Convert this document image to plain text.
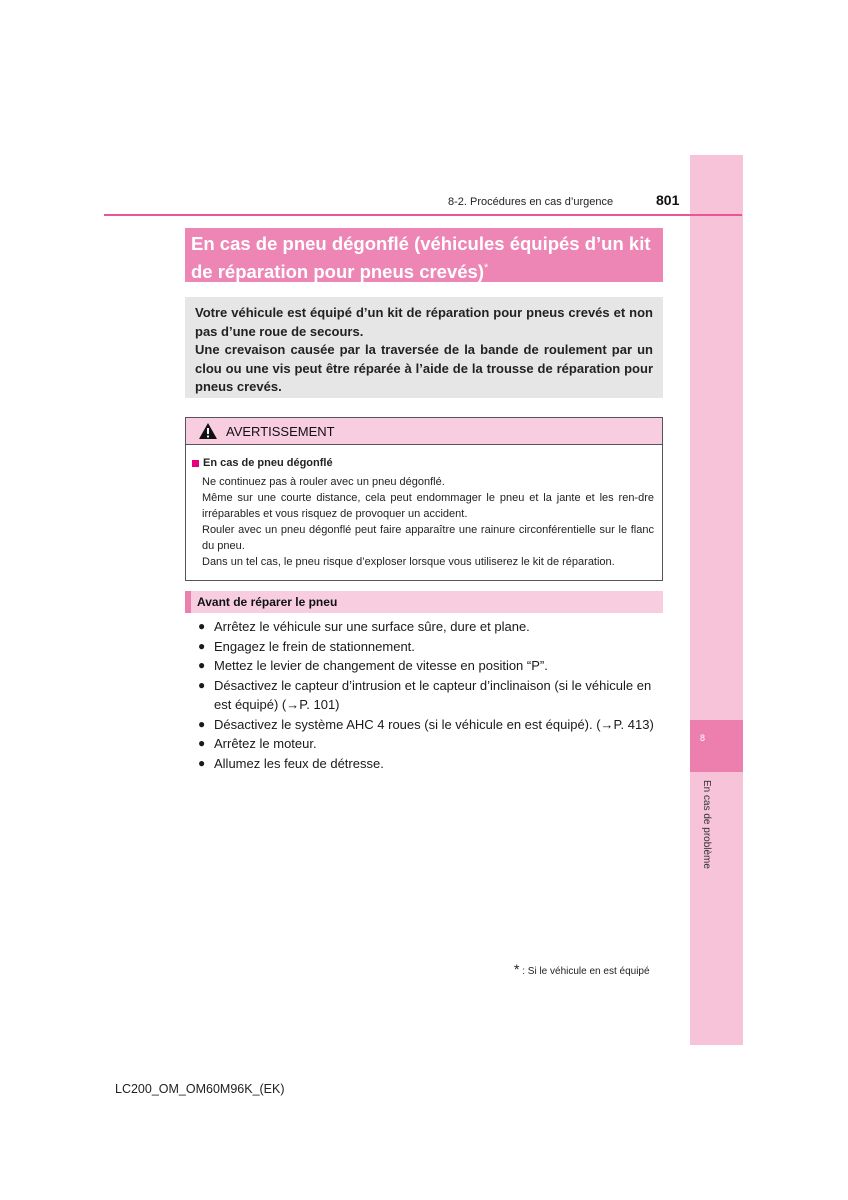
8
En cas de problème
8-2. Procédures en cas d’urgence	801
En cas de pneu dégonflé (véhicules équipés d’un kit de réparation pour pneus crevés)*

Votre véhicule est équipé d’un kit de réparation pour pneus crevés et non pas d’une roue de secours.

Une crevaison causée par la traversée de la bande de roulement par un clou ou une vis peut être réparée à l’aide de la trousse de réparation pour pneus crevés.

AVERTISSEMENT
En cas de pneu dégonflé
Ne continuez pas à rouler avec un pneu dégonflé.
Même sur une courte distance, cela peut endommager le pneu et la jante et les ren-dre irréparables et vous risquez de provoquer un accident.
Rouler avec un pneu dégonflé peut faire apparaître une rainure circonférentielle sur le flanc du pneu.
Dans un tel cas, le pneu risque d’exploser lorsque vous utiliserez le kit de réparation.
Avant de réparer le pneu
● Arrêtez le véhicule sur une surface sûre, dure et plane.
● Engagez le frein de stationnement.
● Mettez le levier de changement de vitesse en position “P”.
● Désactivez le capteur d’intrusion et le capteur d’inclinaison (si le véhicule en est équipé) (→P. 101)
● Désactivez le système AHC 4 roues (si le véhicule en est équipé). (→P. 413)
● Arrêtez le moteur.
● Allumez les feux de détresse.
* : Si le véhicule en est équipé
LC200_OM_OM60M96K_(EK)
